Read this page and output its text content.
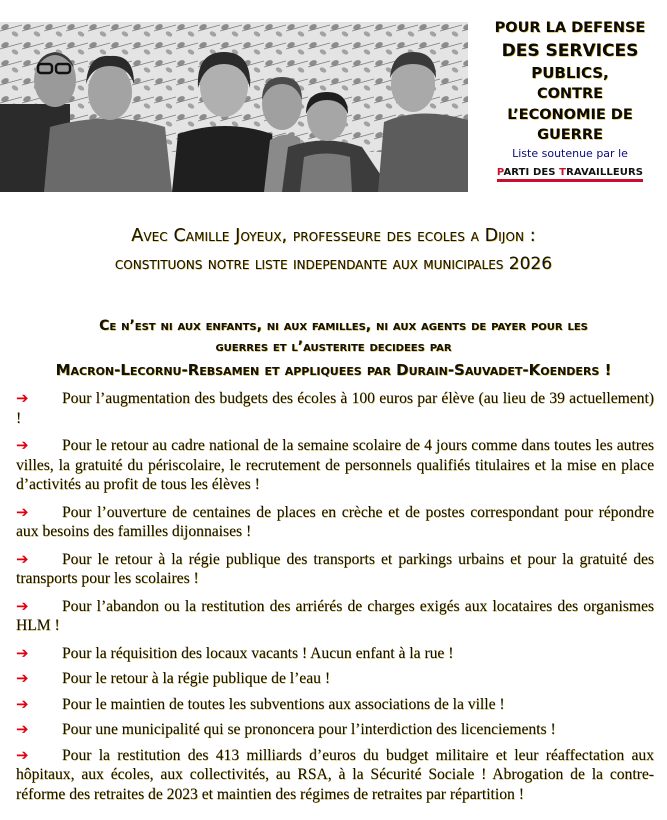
POUR LA DEFENSE
DES SERVICES
PUBLICS,
CONTRE
L’ECONOMIE DE
GUERRE
Liste soutenue par le
PARTI DES TRAVAILLEURS
Avec Camille Joyeux, professeure des ecoles a Dijon :
constituons notre liste independante aux municipales 2026
Ce n’est ni aux enfants, ni aux familles, ni aux agents de payer pour les
guerres et l’austerite decidees par
Macron-Lecornu-Rebsamen et appliquees par Durain-Sauvadet-Koenders !
➔ Pour l’augmentation des budgets des écoles à 100 euros par élève (au lieu de 39 actuellement) !
➔ Pour le retour au cadre national de la semaine scolaire de 4 jours comme dans toutes les autres villes, la gratuité du périscolaire, le recrutement de personnels qualifiés titulaires et la mise en place d’activités au profit de tous les élèves !
➔ Pour l’ouverture de centaines de places en crèche et de postes correspondant pour répondre aux besoins des familles dijonnaises !
➔ Pour le retour à la régie publique des transports et parkings urbains et pour la gratuité des transports pour les scolaires !
➔ Pour l’abandon ou la restitution des arriérés de charges exigés aux locataires des organismes HLM !
➔ Pour la réquisition des locaux vacants ! Aucun enfant à la rue !
➔ Pour le retour à la régie publique de l’eau !
➔ Pour le maintien de toutes les subventions aux associations de la ville !
➔ Pour une municipalité qui se prononcera pour l’interdiction des licenciements !
➔ Pour la restitution des 413 milliards d’euros du budget militaire et leur réaffectation aux hôpitaux, aux écoles, aux collectivités, au RSA, à la Sécurité Sociale ! Abrogation de la contre-réforme des retraites de 2023 et maintien des régimes de retraites par répartition !
